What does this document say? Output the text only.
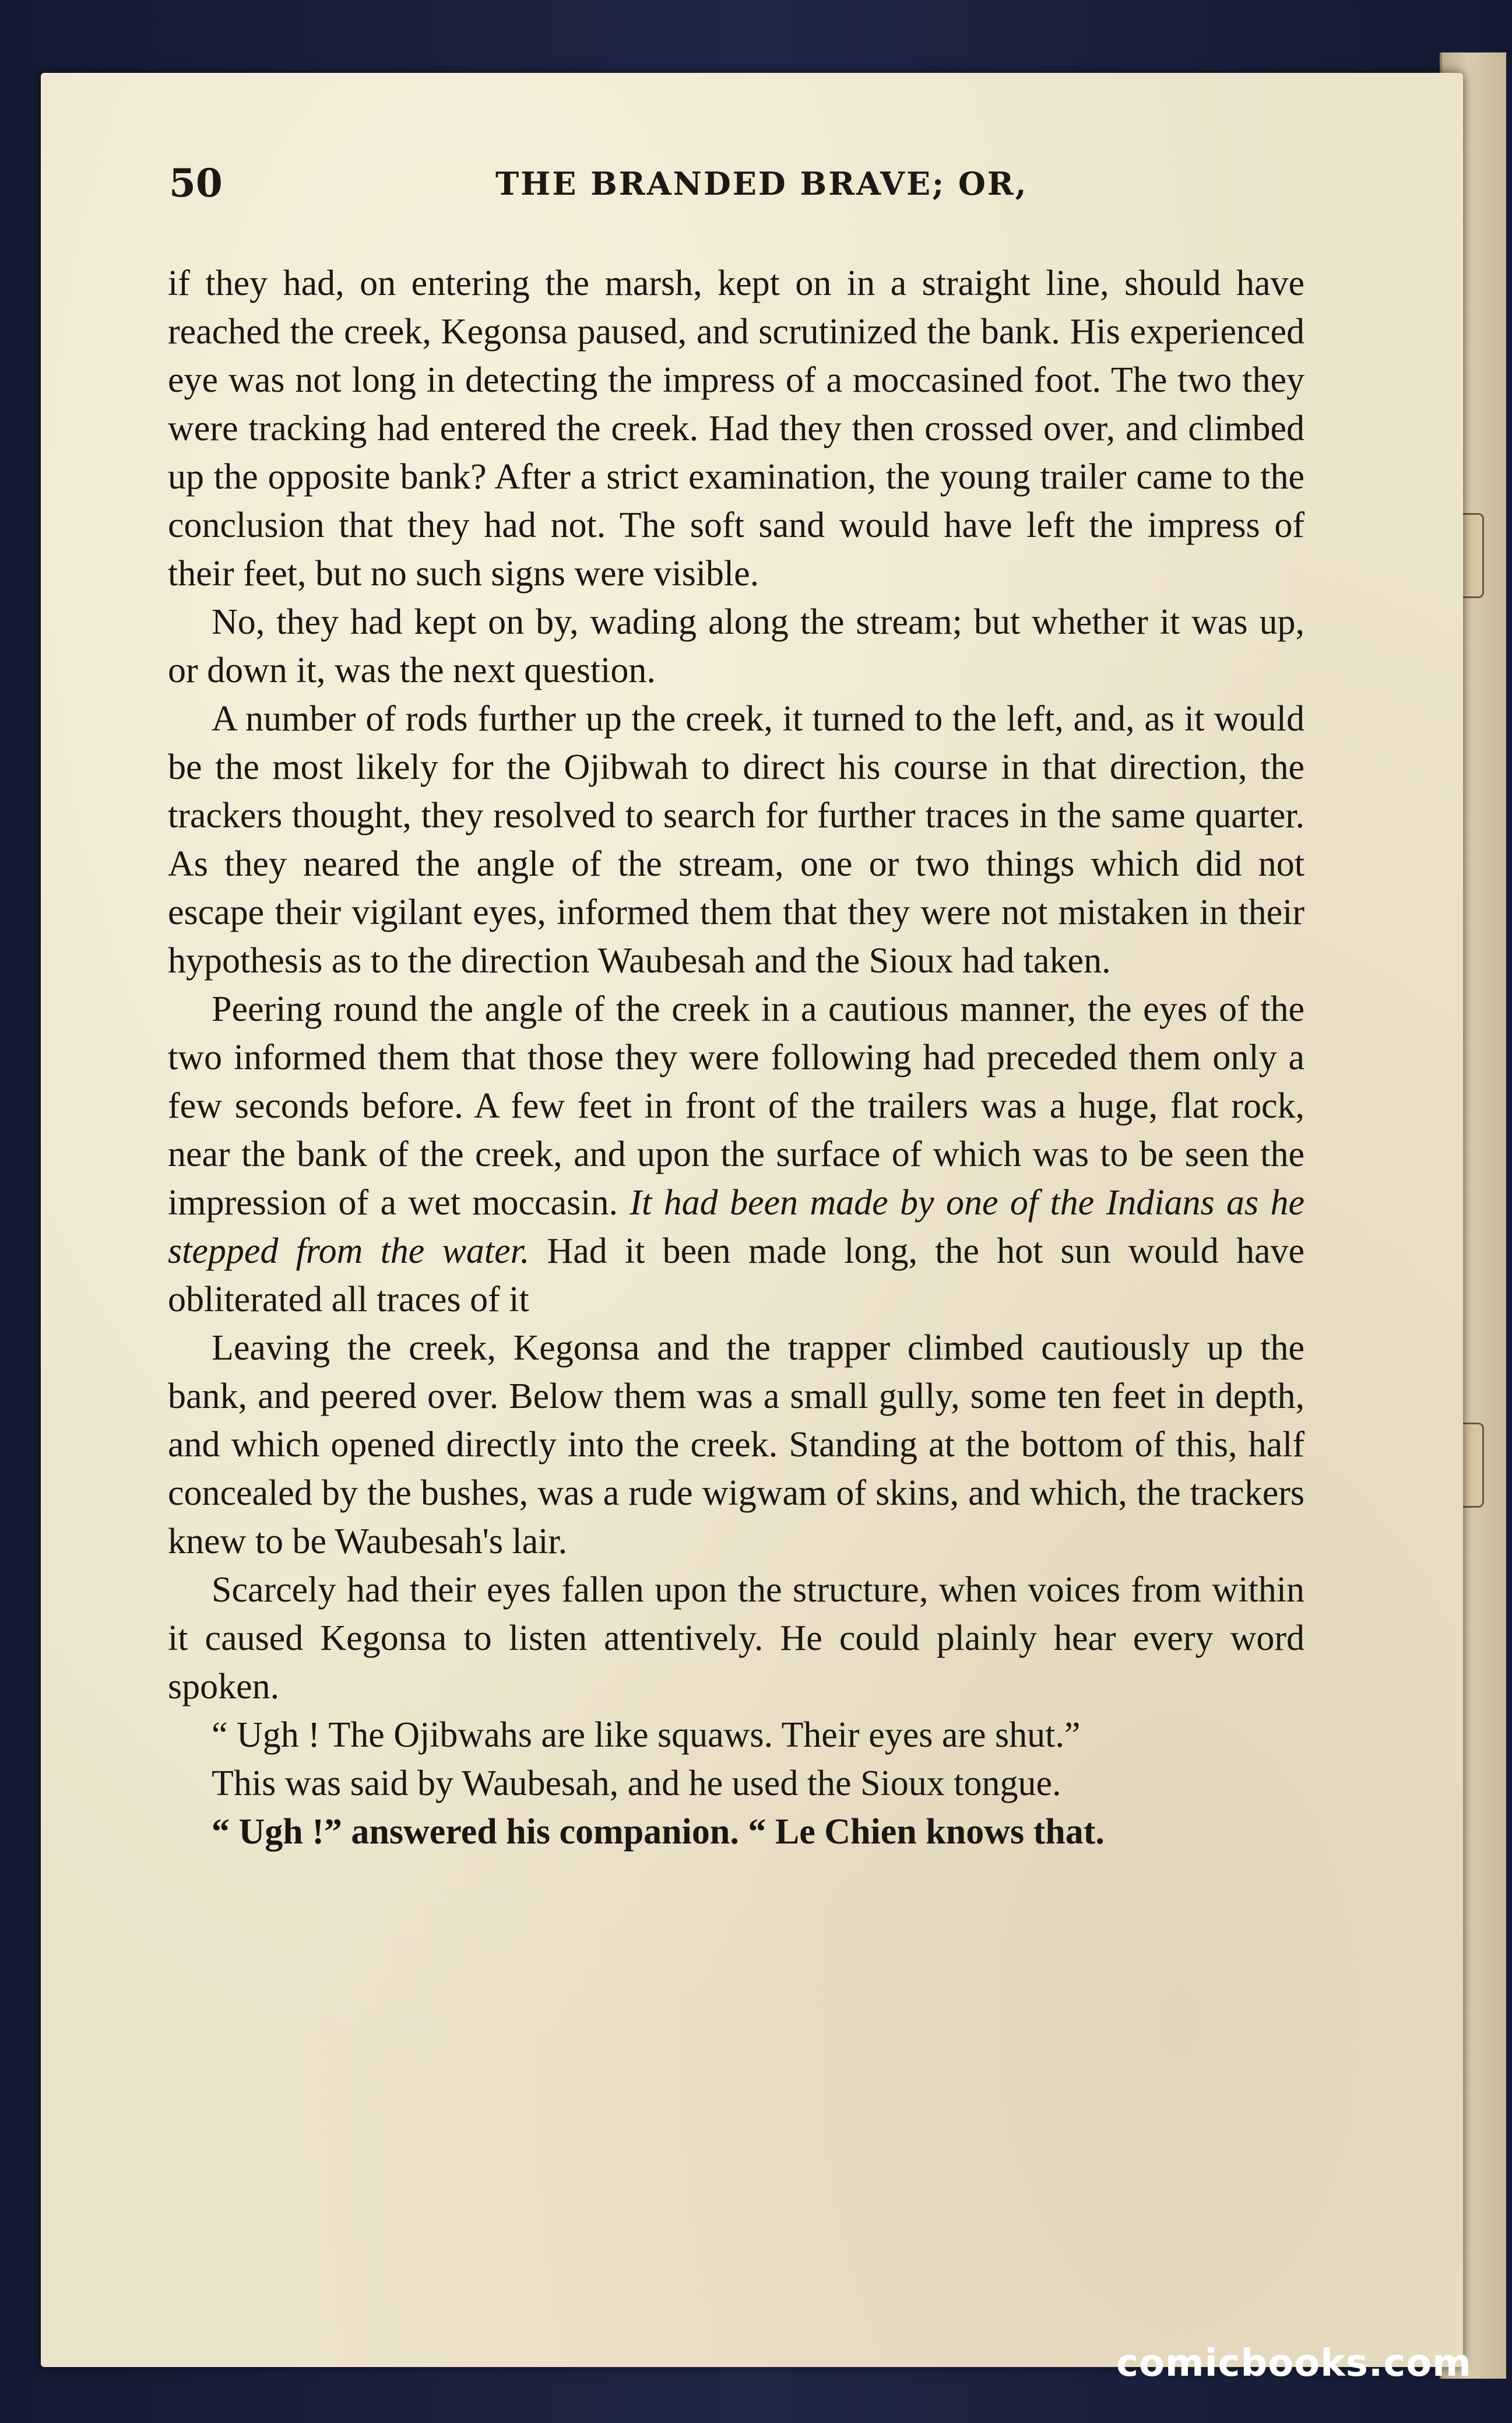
50	THE BRANDED BRAVE; OR,

if they had, on entering the marsh, kept on in a straight line, should have reached the creek, Kegonsa paused, and scrutinized the bank. His experienced eye was not long in detecting the impress of a moccasined foot. The two they were tracking had entered the creek. Had they then crossed over, and climbed up the opposite bank? After a strict examination, the young trailer came to the conclusion that they had not. The soft sand would have left the impress of their feet, but no such signs were visible.

No, they had kept on by, wading along the stream; but whether it was up, or down it, was the next question.

A number of rods further up the creek, it turned to the left, and, as it would be the most likely for the Ojibwah to direct his course in that direction, the trackers thought, they resolved to search for further traces in the same quarter. As they neared the angle of the stream, one or two things which did not escape their vigilant eyes, informed them that they were not mistaken in their hypothesis as to the direction Waubesah and the Sioux had taken.

Peering round the angle of the creek in a cautious manner, the eyes of the two informed them that those they were following had preceded them only a few seconds before. A few feet in front of the trailers was a huge, flat rock, near the bank of the creek, and upon the surface of which was to be seen the impression of a wet moccasin. It had been made by one of the Indians as he stepped from the water. Had it been made long, the hot sun would have obliterated all traces of it

Leaving the creek, Kegonsa and the trapper climbed cautiously up the bank, and peered over. Below them was a small gully, some ten feet in depth, and which opened directly into the creek. Standing at the bottom of this, half concealed by the bushes, was a rude wigwam of skins, and which, the trackers knew to be Waubesah's lair.

Scarcely had their eyes fallen upon the structure, when voices from within it caused Kegonsa to listen attentively. He could plainly hear every word spoken.

“ Ugh ! The Ojibwahs are like squaws. Their eyes are shut.”

This was said by Waubesah, and he used the Sioux tongue.

“ Ugh !” answered his companion. “ Le Chien knows that.

comicbooks.com
